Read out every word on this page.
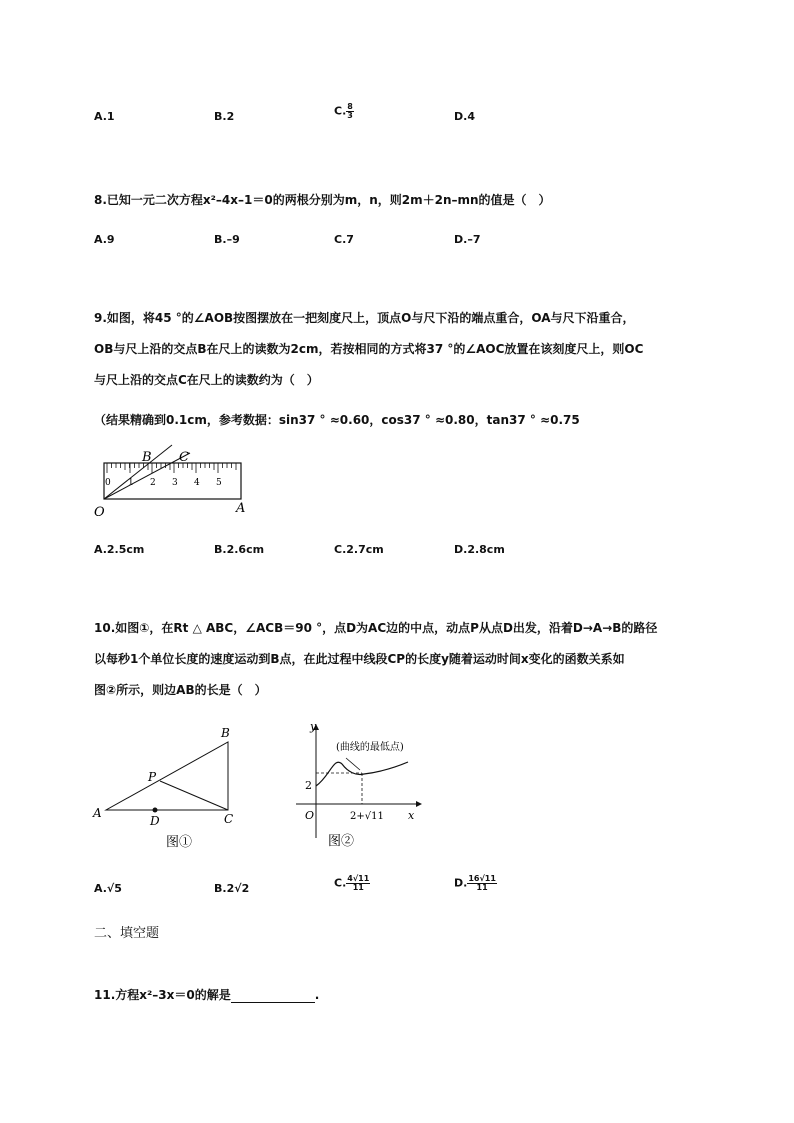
A.1	B.2	C. $\frac{8}{3}$	D.4
8.已知一元二次方程x²–4x–1＝0的两根分别为m，n，则2m＋2n–mn的值是（　）
A.9	B.–9	C.7	D.–7
9.如图，将45 °的∠AOB按图摆放在一把刻度尺上，顶点O与尺下沿的端点重合，OA与尺下沿重合，
OB与尺上沿的交点B在尺上的读数为2cm，若按相同的方式将37 °的∠AOC放置在该刻度尺上，则OC
与尺上沿的交点C在尺上的读数约为（　）
（结果精确到0.1cm，参考数据：sin37 ° ≈0.60，cos37 ° ≈0.80，tan37 ° ≈0.75
0 1 2 3 4 5
B C
O	A
A.2.5cm	B.2.6cm	C.2.7cm	D.2.8cm
10.如图①，在Rt △ ABC，∠ACB＝90 °，点D为AC边的中点，动点P从点D出发，沿着D→A→B的路径
以每秒1个单位长度的速度运动到B点，在此过程中线段CP的长度y随着运动时间x变化的函数关系如
图②所示，则边AB的长是（　）
A
B
C
D
P
图①
y
x
O
2
2+√11
(曲线的最低点)
图②
A.√5	B.2√2	C. $\frac{4√11}{11}$	D. $\frac{16√11}{11}$
二、填空题
11.方程x²–3x＝0的解是	.
